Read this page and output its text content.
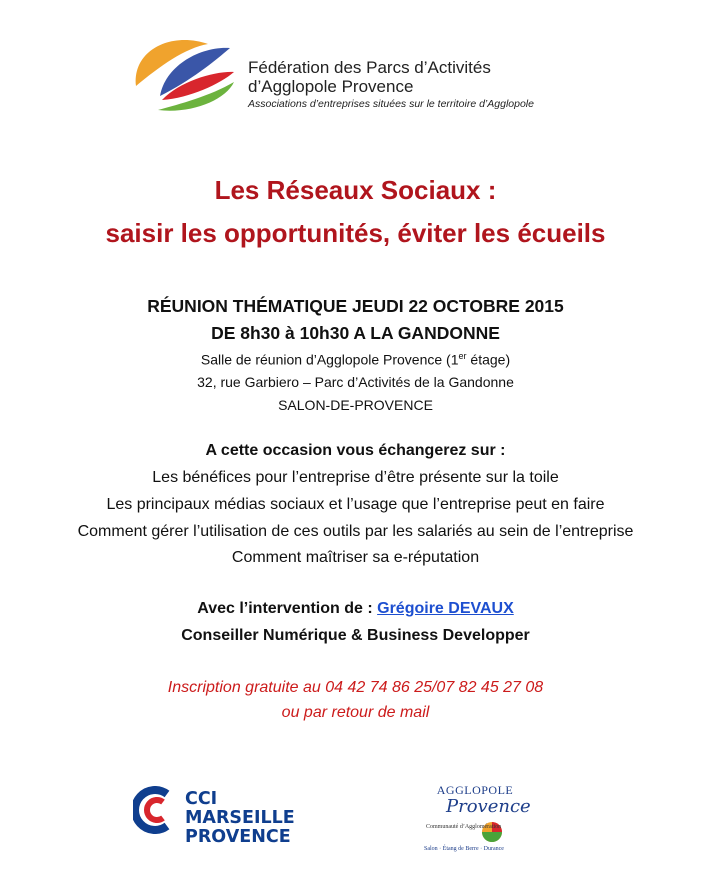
Fédération des Parcs d’Activités
d’Agglopole Provence
Associations d’entreprises situées sur le territoire d’Agglopole
Les Réseaux Sociaux :
saisir les opportunités, éviter les écueils
RÉUNION THÉMATIQUE JEUDI 22 OCTOBRE 2015
DE 8h30 à 10h30 A LA GANDONNE
Salle de réunion d’Agglopole Provence (1er étage)
32, rue Garbiero – Parc d’Activités de la Gandonne
SALON-DE-PROVENCE
A cette occasion vous échangerez sur :
Les bénéfices pour l’entreprise d’être présente sur la toile
Les principaux médias sociaux et l’usage que l’entreprise peut en faire
Comment gérer l’utilisation de ces outils par les salariés au sein de l’entreprise
Comment maîtriser sa e-réputation
Avec l’intervention de : Grégoire DEVAUX
Conseiller Numérique & Business Developper
Inscription gratuite au 04 42 74 86 25/07 82 45 27 08
ou par retour de mail
CCI MARSEILLE
PROVENCE
AGGLOPOLE
Provence
Communauté d’Agglomération
Salon · Étang de Berre · Durance
